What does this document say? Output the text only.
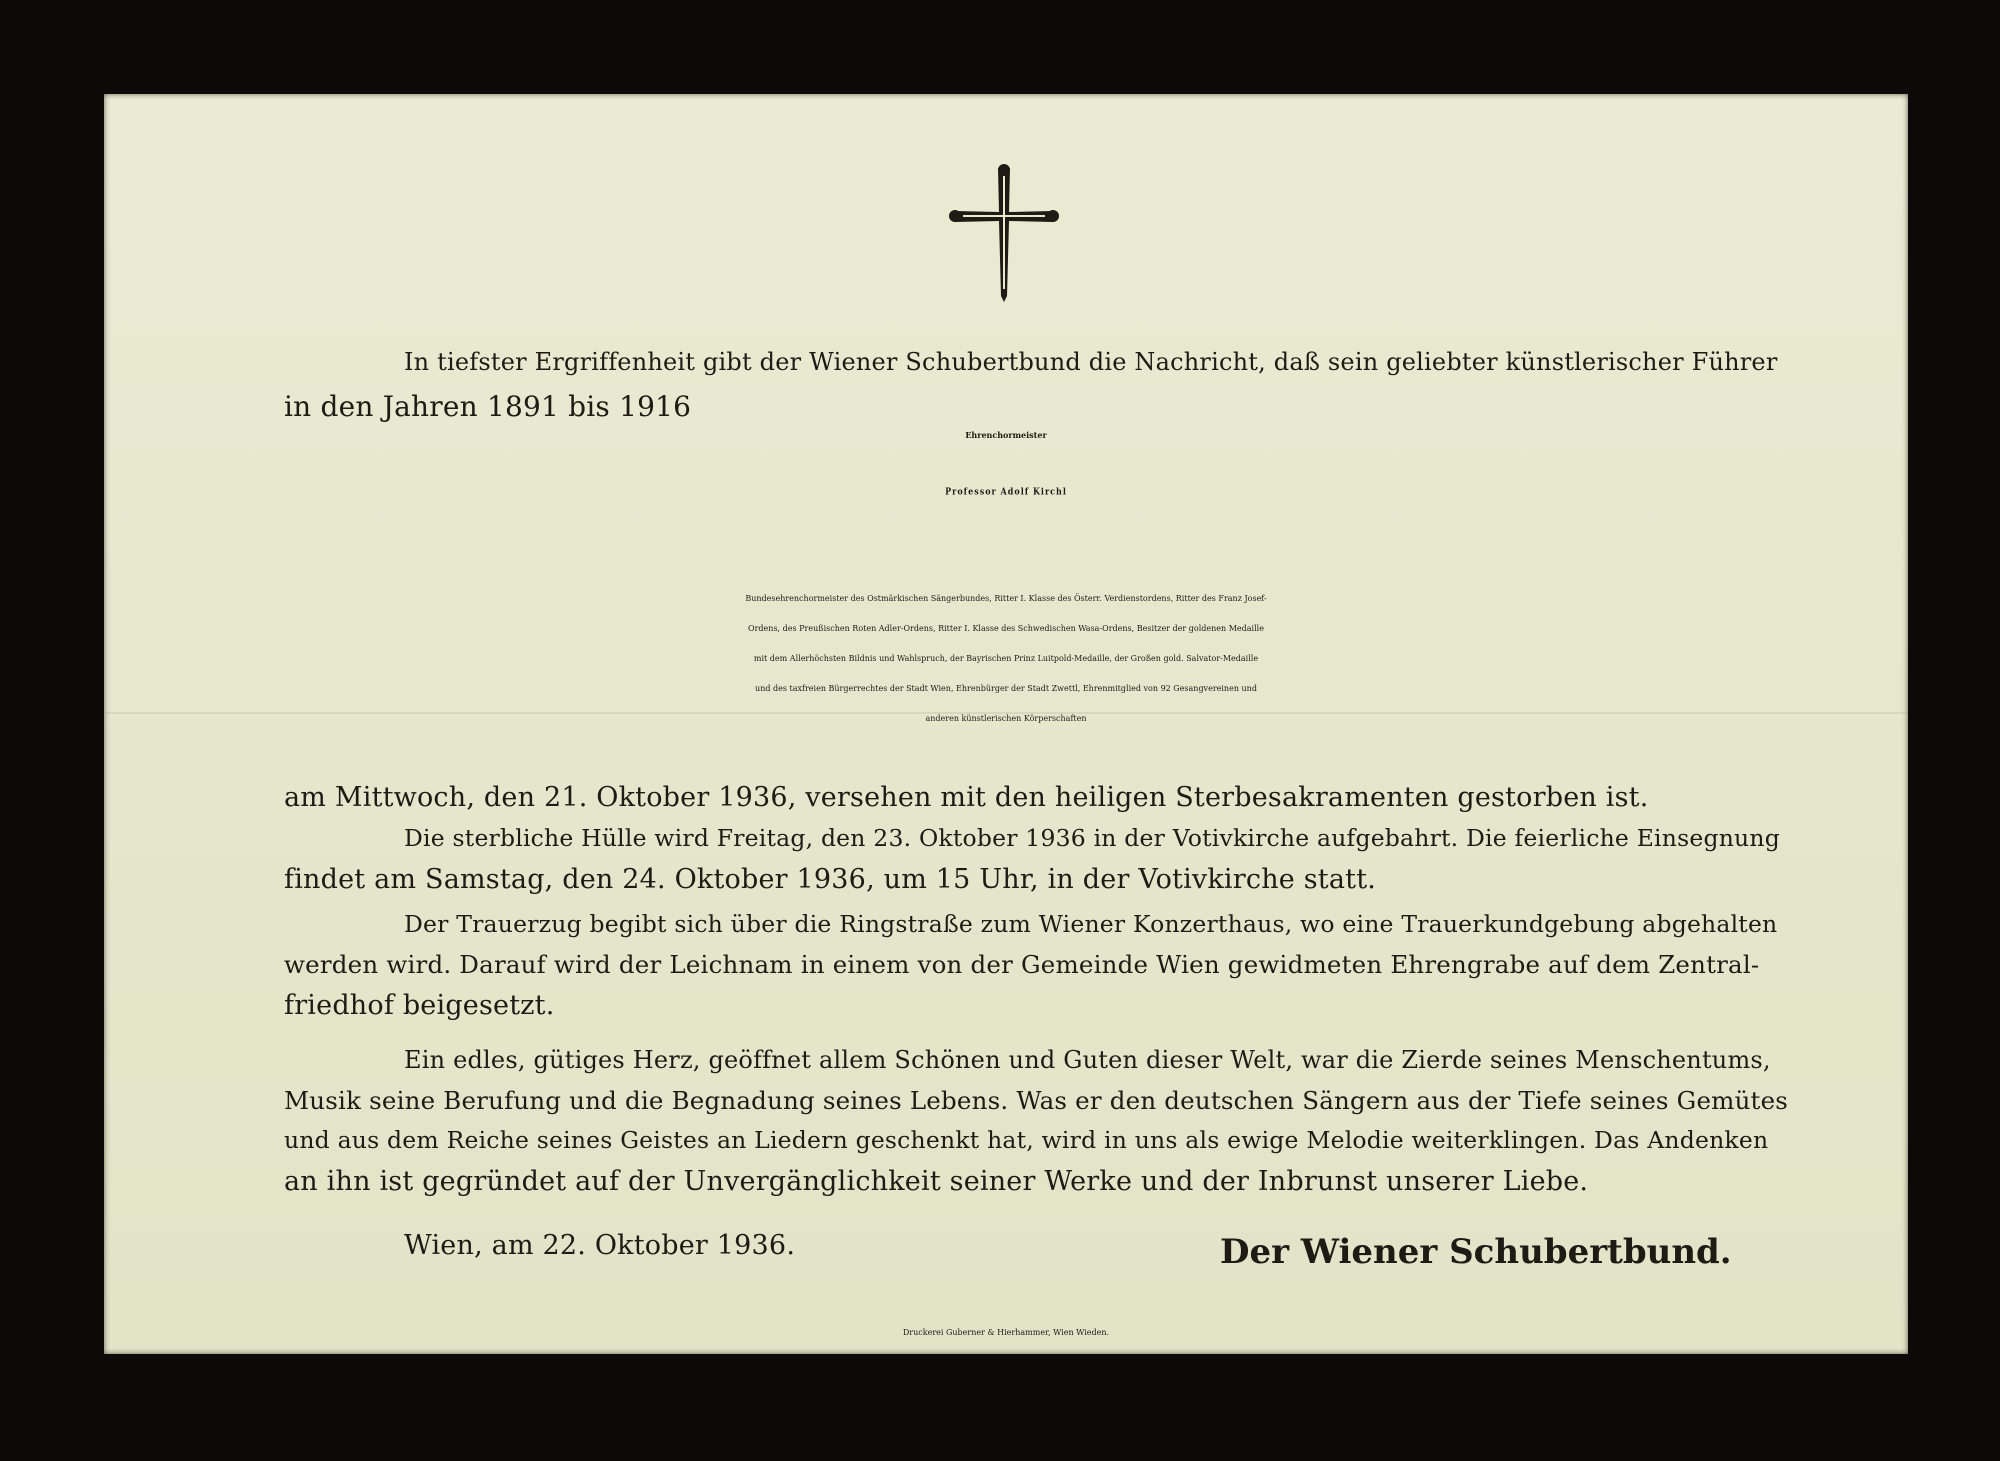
In tiefster Ergriffenheit gibt der Wiener Schubertbund die Nachricht, daß sein geliebter künstlerischer Führer

in den Jahren 1891 bis 1916

Ehrenchormeister

Professor Adolf Kirchl

Bundesehrenchormeister des Ostmärkischen Sängerbundes, Ritter I. Klasse des Österr. Verdienstordens, Ritter des Franz Josef-

Ordens, des Preußischen Roten Adler-Ordens, Ritter I. Klasse des Schwedischen Wasa-Ordens, Besitzer der goldenen Medaille

mit dem Allerhöchsten Bildnis und Wahlspruch, der Bayrischen Prinz Luitpold-Medaille, der Großen gold. Salvator-Medaille

und des taxfreien Bürgerrechtes der Stadt Wien, Ehrenbürger der Stadt Zwettl, Ehrenmitglied von 92 Gesangvereinen und

anderen künstlerischen Körperschaften

am Mittwoch, den 21. Oktober 1936, versehen mit den heiligen Sterbesakramenten gestorben ist.

Die sterbliche Hülle wird Freitag, den 23. Oktober 1936 in der Votivkirche aufgebahrt. Die feierliche Einsegnung

findet am Samstag, den 24. Oktober 1936, um 15 Uhr, in der Votivkirche statt.

Der Trauerzug begibt sich über die Ringstraße zum Wiener Konzerthaus, wo eine Trauerkundgebung abgehalten

werden wird. Darauf wird der Leichnam in einem von der Gemeinde Wien gewidmeten Ehrengrabe auf dem Zentral-

friedhof beigesetzt.

Ein edles, gütiges Herz, geöffnet allem Schönen und Guten dieser Welt, war die Zierde seines Menschentums,

Musik seine Berufung und die Begnadung seines Lebens. Was er den deutschen Sängern aus der Tiefe seines Gemütes

und aus dem Reiche seines Geistes an Liedern geschenkt hat, wird in uns als ewige Melodie weiterklingen. Das Andenken

an ihn ist gegründet auf der Unvergänglichkeit seiner Werke und der Inbrunst unserer Liebe.

Wien, am 22. Oktober 1936.	Der Wiener Schubertbund.

Druckerei Guberner & Hierhammer, Wien Wieden.
